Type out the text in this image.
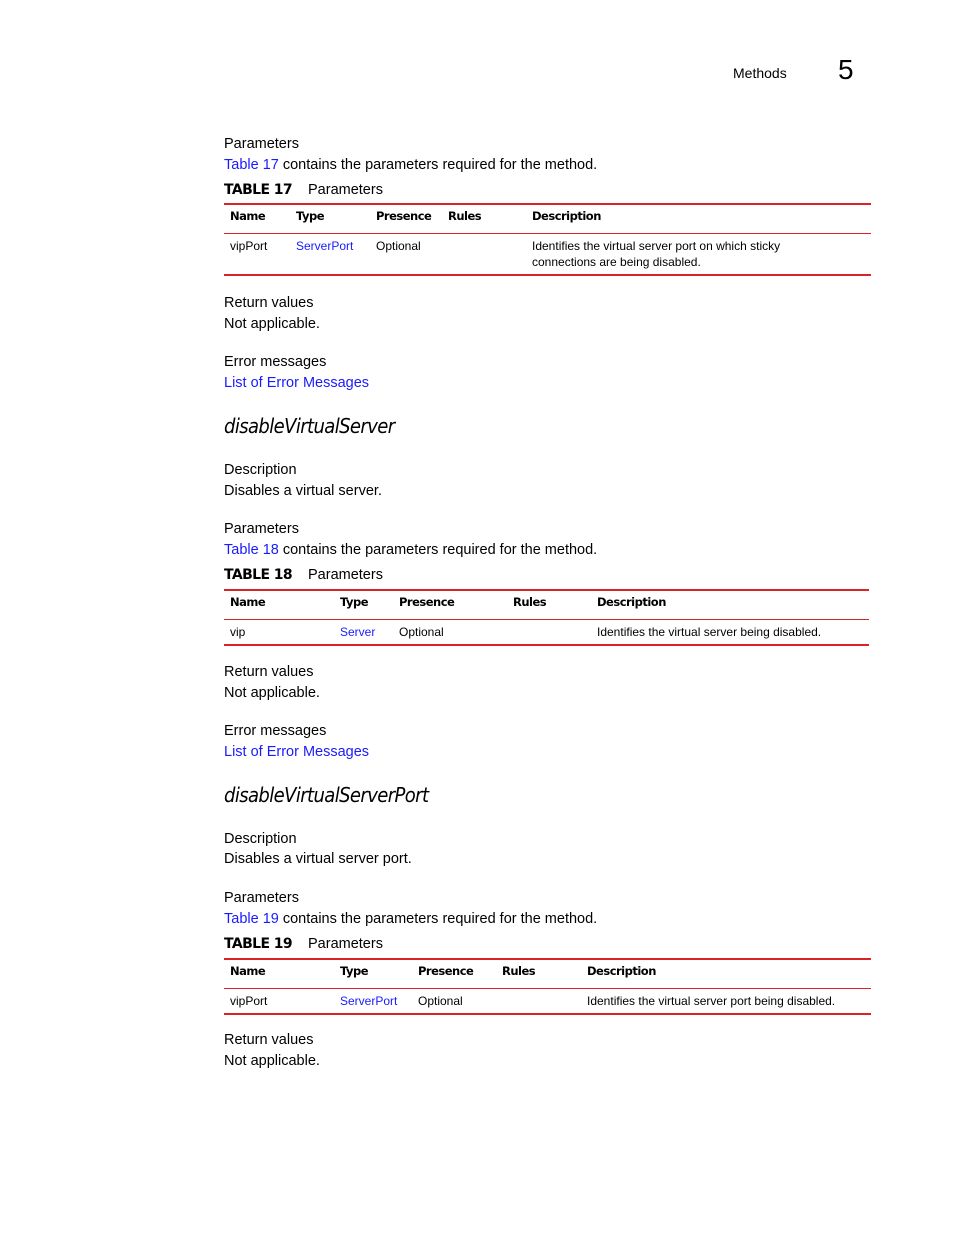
Methods 5
Parameters
Table 17 contains the parameters required for the method.
TABLE 17 Parameters
Name	Type	Presence	Rules	Description
vipPort	ServerPort	Optional		Identifies the virtual server port on which sticky connections are being disabled.
Return values
Not applicable.
Error messages
List of Error Messages
disableVirtualServer
Description
Disables a virtual server.
Parameters
Table 18 contains the parameters required for the method.
TABLE 18 Parameters
Name	Type	Presence	Rules	Description
vip	Server	Optional		Identifies the virtual server being disabled.
Return values
Not applicable.
Error messages
List of Error Messages
disableVirtualServerPort
Description
Disables a virtual server port.
Parameters
Table 19 contains the parameters required for the method.
TABLE 19 Parameters
Name	Type	Presence	Rules	Description
vipPort	ServerPort	Optional		Identifies the virtual server port being disabled.
Return values
Not applicable.
